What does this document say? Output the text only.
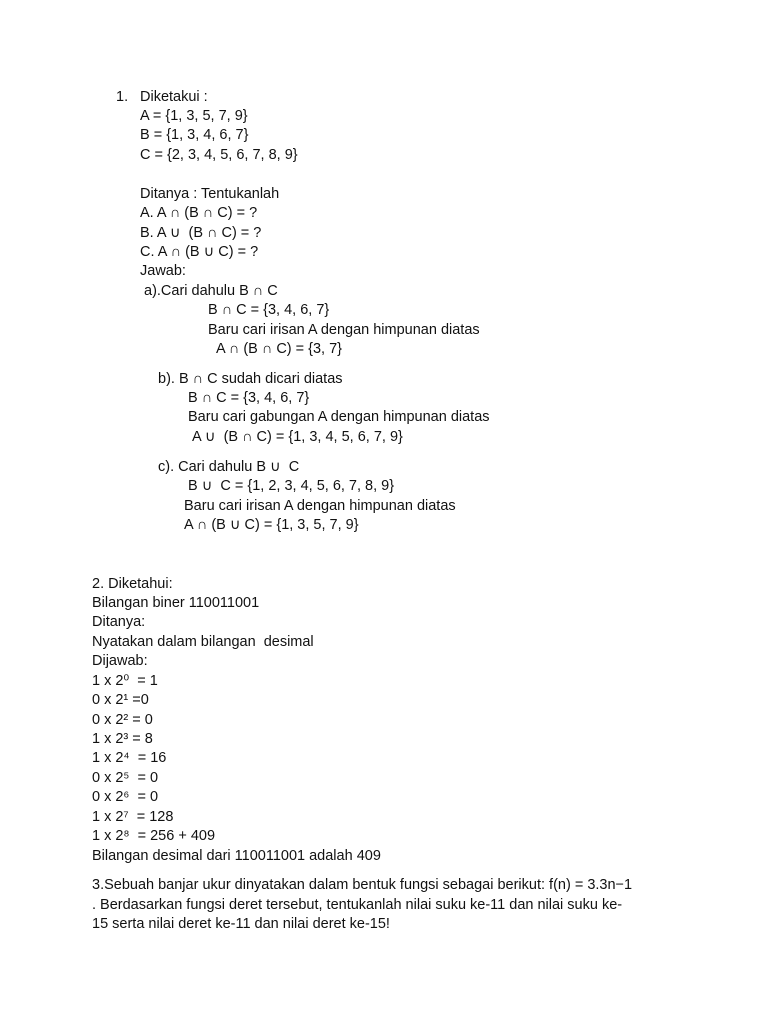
1. Diketakui :
A = {1, 3, 5, 7, 9}
B = {1, 3, 4, 6, 7}
C = {2, 3, 4, 5, 6, 7, 8, 9}
Ditanya : Tentukanlah
A. A ∩ (B ∩ C) = ?
B. A ∪  (B ∩ C) = ?
C. A ∩ (B ∪ C) = ?
Jawab:
a).Cari dahulu B ∩ C
B ∩ C = {3, 4, 6, 7}
Baru cari irisan A dengan himpunan diatas
A ∩ (B ∩ C) = {3, 7}
b). B ∩ C sudah dicari diatas
B ∩ C = {3, 4, 6, 7}
Baru cari gabungan A dengan himpunan diatas
A ∪  (B ∩ C) = {1, 3, 4, 5, 6, 7, 9}
c). Cari dahulu B ∪  C
B ∪  C = {1, 2, 3, 4, 5, 6, 7, 8, 9}
Baru cari irisan A dengan himpunan diatas
A ∩ (B ∪ C) = {1, 3, 5, 7, 9}
2. Diketahui:
Bilangan biner 110011001
Ditanya:
Nyatakan dalam bilangan  desimal
Dijawab:
1 x 2⁰  = 1
0 x 2¹ =0
0 x 2² = 0
1 x 2³ = 8
1 x 2⁴  = 16
0 x 2⁵  = 0
0 x 2⁶  = 0
1 x 2⁷  = 128
1 x 2⁸  = 256 + 409
Bilangan desimal dari 110011001 adalah 409
3.Sebuah banjar ukur dinyatakan dalam bentuk fungsi sebagai berikut: f(n) = 3.3n−1
. Berdasarkan fungsi deret tersebut, tentukanlah nilai suku ke-11 dan nilai suku ke-
15 serta nilai deret ke-11 dan nilai deret ke-15!
